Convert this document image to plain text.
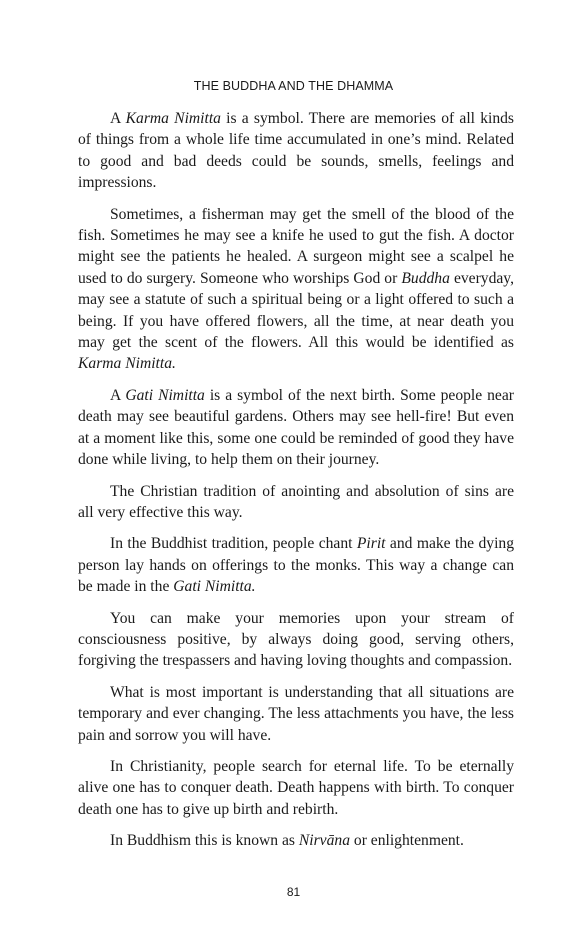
THE BUDDHA AND THE DHAMMA

A Karma Nimitta is a symbol. There are memories of all kinds of things from a whole life time accumulated in one’s mind. Related to good and bad deeds could be sounds, smells, feelings and impressions.

Sometimes, a fisherman may get the smell of the blood of the fish. Sometimes he may see a knife he used to gut the fish. A doctor might see the patients he healed. A surgeon might see a scalpel he used to do surgery. Someone who worships God or Buddha everyday, may see a statute of such a spiritual being or a light offered to such a being. If you have offered flowers, all the time, at near death you may get the scent of the flowers. All this would be identified as Karma Nimitta.

A Gati Nimitta is a symbol of the next birth. Some people near death may see beautiful gardens. Others may see hell-fire! But even at a moment like this, some one could be reminded of good they have done while living, to help them on their journey.

The Christian tradition of anointing and absolution of sins are all very effective this way.

In the Buddhist tradition, people chant Pirit and make the dying person lay hands on offerings to the monks. This way a change can be made in the Gati Nimitta.

You can make your memories upon your stream of consciousness positive, by always doing good, serving others, forgiving the trespassers and having loving thoughts and compassion.

What is most important is understanding that all situations are temporary and ever changing. The less attachments you have, the less pain and sorrow you will have.

In Christianity, people search for eternal life. To be eternally alive one has to conquer death. Death happens with birth. To conquer death one has to give up birth and rebirth.

In Buddhism this is known as Nirvāna or enlightenment.

81
